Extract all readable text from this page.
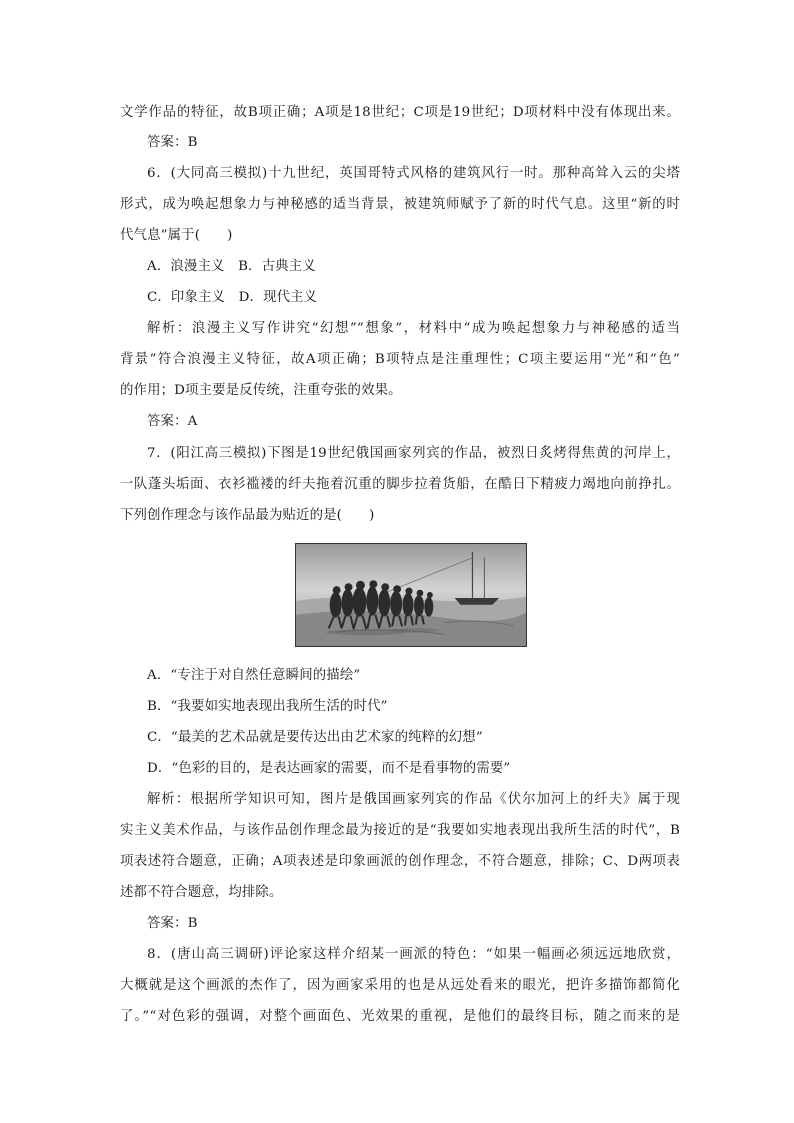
文学作品的特征，故B项正确；A项是18世纪；C项是19世纪；D项材料中没有体现出来。
答案：B
6．(大同高三模拟)十九世纪，英国哥特式风格的建筑风行一时。那种高耸入云的尖塔
形式，成为唤起想象力与神秘感的适当背景，被建筑师赋予了新的时代气息。这里“新的时
代气息”属于(　　)
A．浪漫主义　B．古典主义
C．印象主义　D．现代主义
解析：浪漫主义写作讲究“幻想”“想象”，材料中“成为唤起想象力与神秘感的适当
背景”符合浪漫主义特征，故A项正确；B项特点是注重理性；C项主要运用“光”和“色”
的作用；D项主要是反传统，注重夸张的效果。
答案：A
7．(阳江高三模拟)下图是19世纪俄国画家列宾的作品，被烈日炙烤得焦黄的河岸上，
一队蓬头垢面、衣衫褴褛的纤夫拖着沉重的脚步拉着货船，在酷日下精疲力竭地向前挣扎。
下列创作理念与该作品最为贴近的是(　　)
A．“专注于对自然任意瞬间的描绘”
B．“我要如实地表现出我所生活的时代”
C．“最美的艺术品就是要传达出由艺术家的纯粹的幻想”
D．“色彩的目的，是表达画家的需要，而不是看事物的需要”
解析：根据所学知识可知，图片是俄国画家列宾的作品《伏尔加河上的纤夫》属于现
实主义美术作品，与该作品创作理念最为接近的是“我要如实地表现出我所生活的时代”，B
项表述符合题意，正确；A项表述是印象画派的创作理念，不符合题意，排除；C、D两项表
述都不符合题意，均排除。
答案：B
8．(唐山高三调研)评论家这样介绍某一画派的特色：“如果一幅画必须远远地欣赏，
大概就是这个画派的杰作了，因为画家采用的也是从远处看来的眼光，把许多描饰都简化
了。”“对色彩的强调，对整个画面色、光效果的重视，是他们的最终目标，随之而来的是
